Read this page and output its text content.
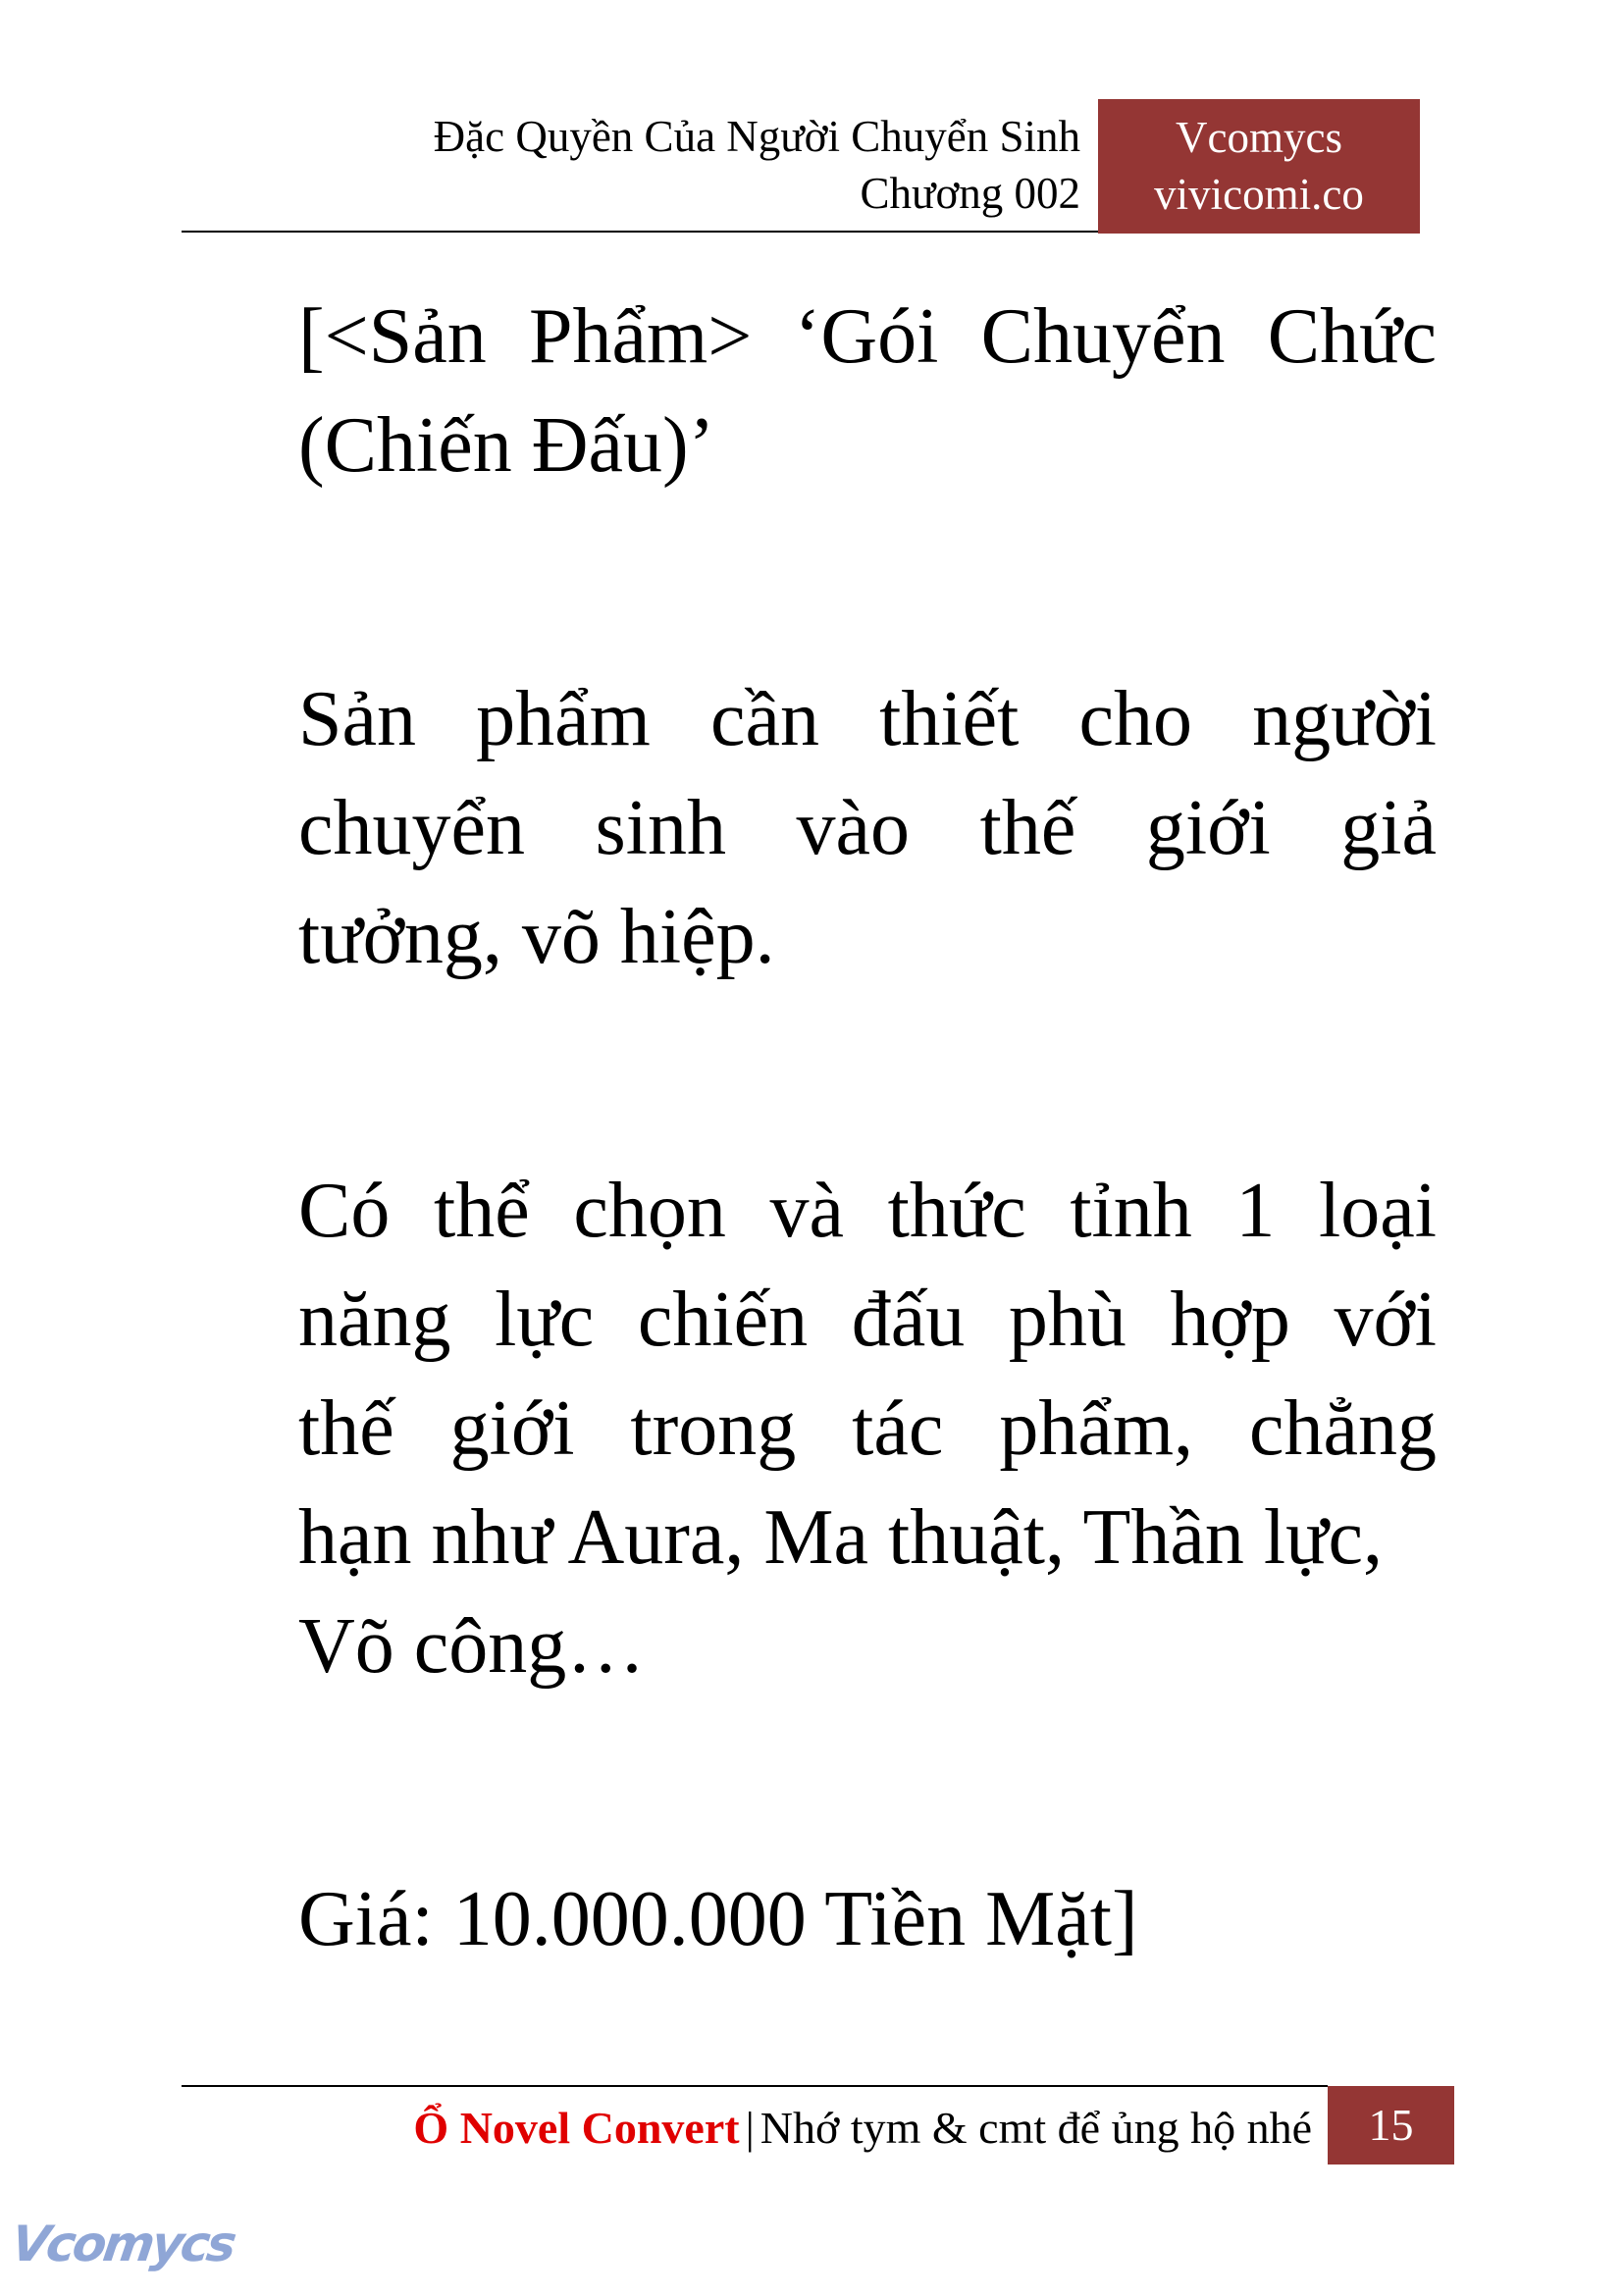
Đặc Quyền Của Người Chuyển Sinh
Chương 002
Vcomycs
vivicomi.co
[<Sản Phẩm> ‘Gói Chuyển Chức
(Chiến Đấu)’
Sản phẩm cần thiết cho người
chuyển sinh vào thế giới giả
tưởng, võ hiệp.
Có thể chọn và thức tỉnh 1 loại
năng lực chiến đấu phù hợp với
thế giới trong tác phẩm, chẳng
hạn như Aura, Ma thuật, Thần lực,
Võ công…
Giá: 10.000.000 Tiền Mặt]
Ổ Novel Convert | Nhớ tym & cmt để ủng hộ nhé	15
Vcomycs
